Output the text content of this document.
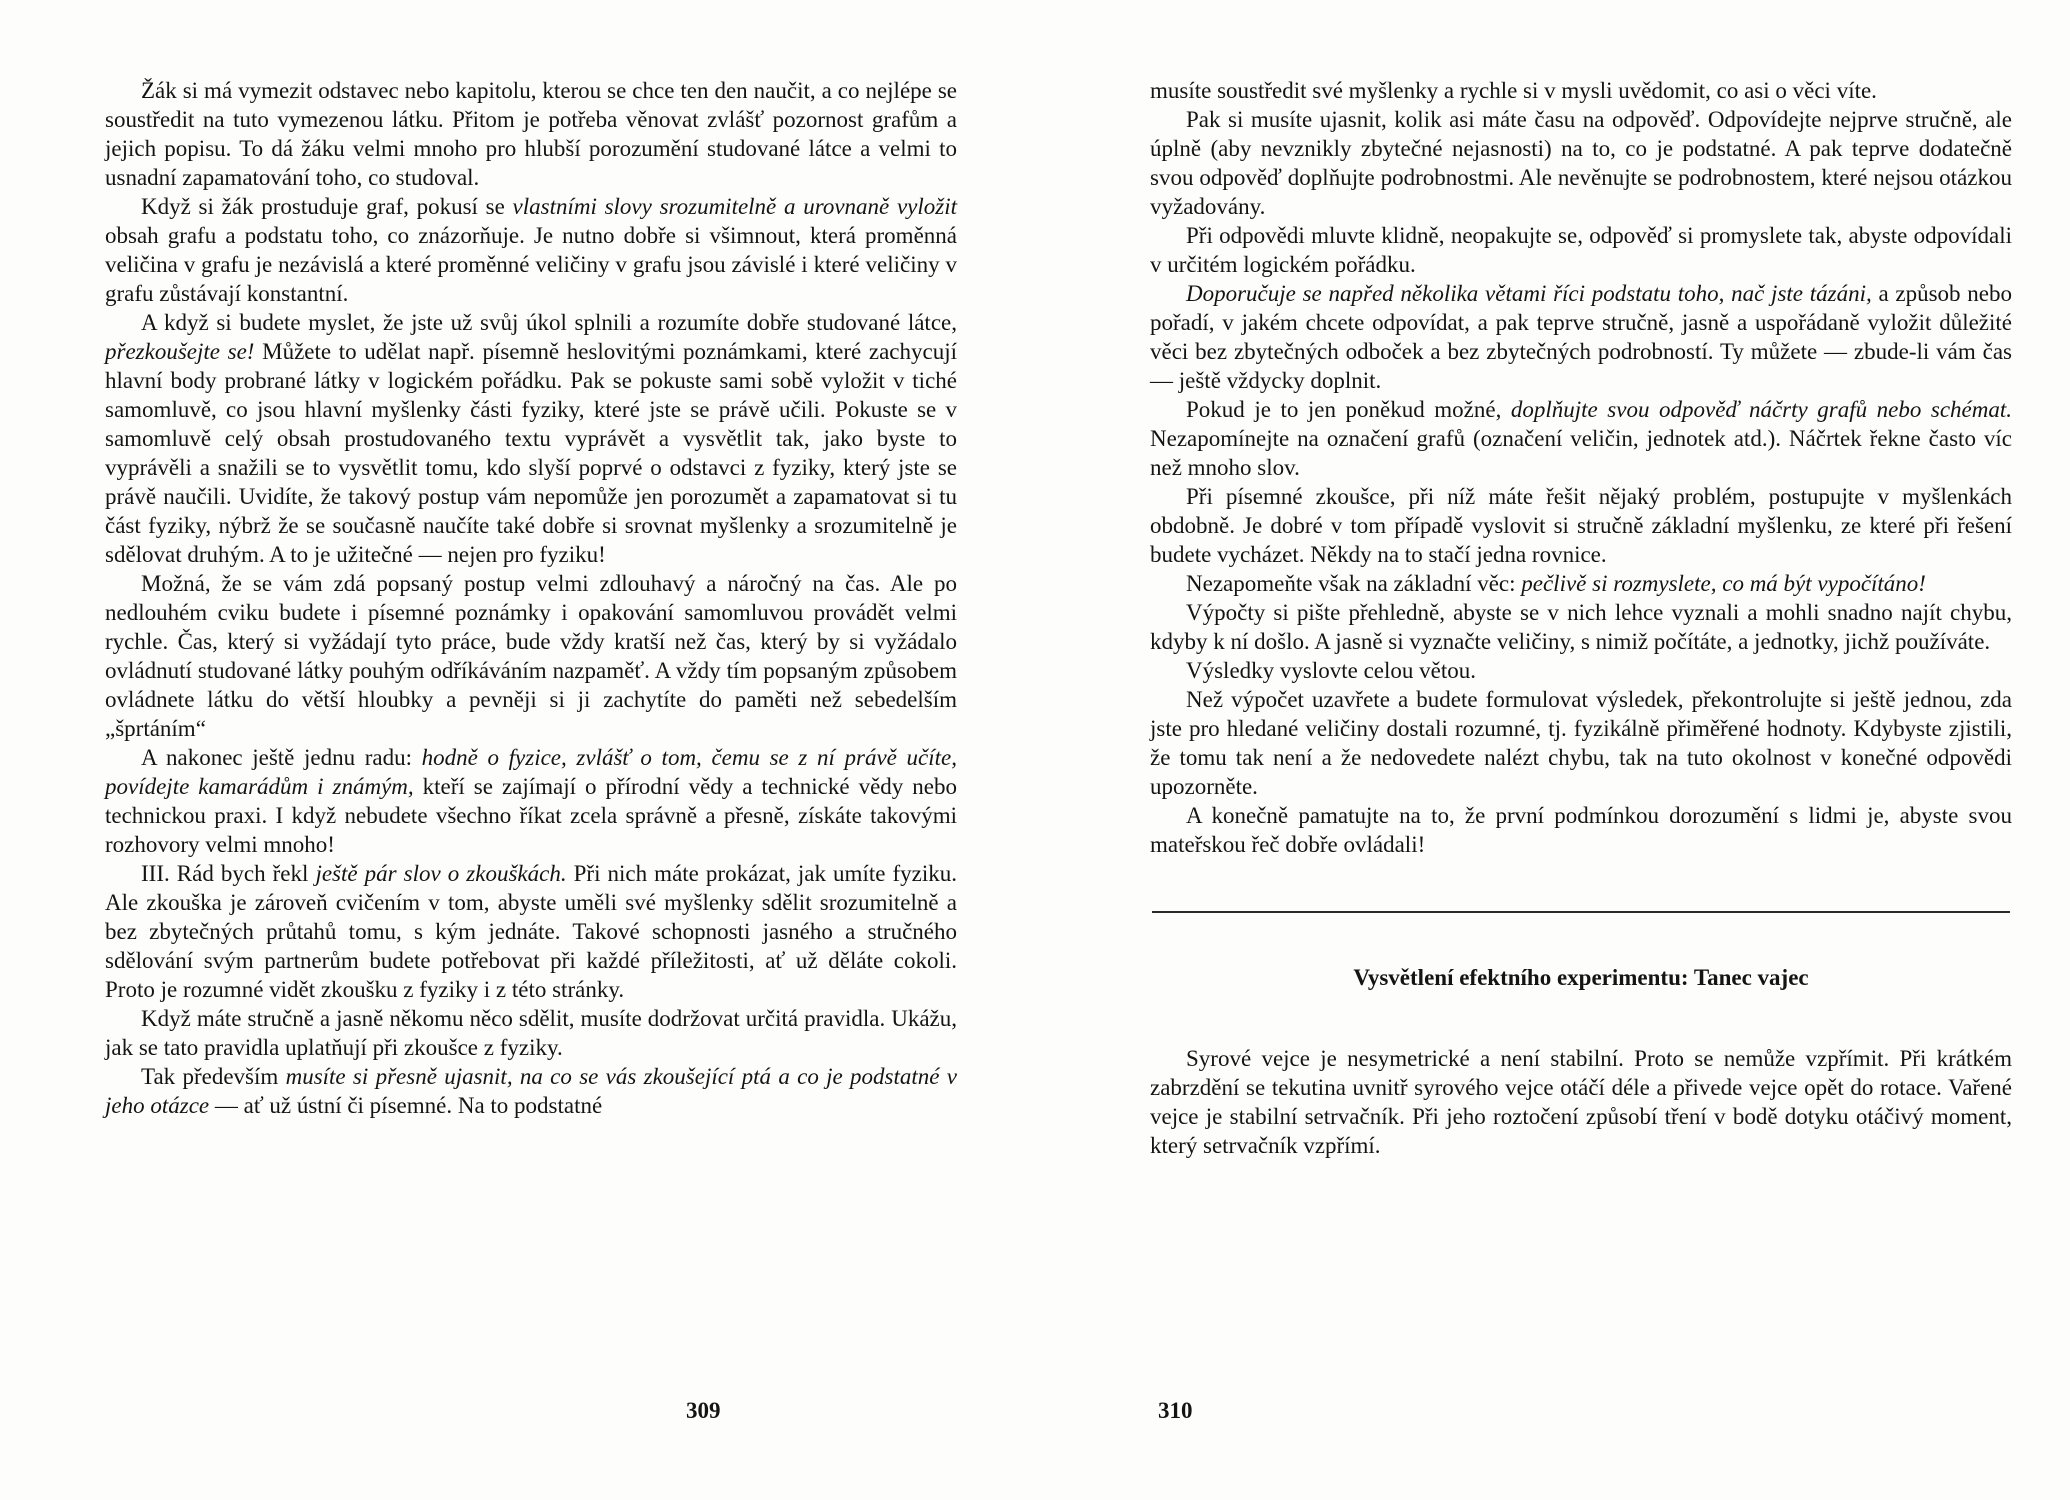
Žák si má vymezit odstavec nebo kapitolu, kterou se chce ten den naučit, a co nejlépe se soustředit na tuto vymezenou látku. Přitom je potřeba věnovat zvlášť pozornost grafům a jejich popisu. To dá žáku velmi mnoho pro hlubší porozumění studované látce a velmi to usnadní zapamatování toho, co studoval.

Když si žák prostuduje graf, pokusí se vlastními slovy srozumitelně a urovnaně vyložit obsah grafu a podstatu toho, co znázorňuje. Je nutno dobře si všimnout, která proměnná veličina v grafu je nezávislá a které proměnné veličiny v grafu jsou závislé i které veličiny v grafu zůstávají konstantní.

A když si budete myslet, že jste už svůj úkol splnili a rozumíte dobře studované látce, přezkoušejte se! Můžete to udělat např. písemně heslovitými poznámkami, které zachycují hlavní body probrané látky v logickém pořádku. Pak se pokuste sami sobě vyložit v tiché samomluvě, co jsou hlavní myšlenky části fyziky, které jste se právě učili. Pokuste se v samomluvě celý obsah prostudovaného textu vyprávět a vysvětlit tak, jako byste to vyprávěli a snažili se to vysvětlit tomu, kdo slyší poprvé o odstavci z fyziky, který jste se právě naučili. Uvidíte, že takový postup vám nepomůže jen porozumět a zapamatovat si tu část fyziky, nýbrž že se současně naučíte také dobře si srovnat myšlenky a srozumitelně je sdělovat druhým. A to je užitečné — nejen pro fyziku!

Možná, že se vám zdá popsaný postup velmi zdlouhavý a náročný na čas. Ale po nedlouhém cviku budete i písemné poznámky i opakování samomluvou provádět velmi rychle. Čas, který si vyžádají tyto práce, bude vždy kratší než čas, který by si vyžádalo ovládnutí studované látky pouhým odříkáváním nazpaměť. A vždy tím popsaným způsobem ovládnete látku do větší hloubky a pevněji si ji zachytíte do paměti než sebedelším „šprtáním“

A nakonec ještě jednu radu: hodně o fyzice, zvlášť o tom, čemu se z ní právě učíte, povídejte kamarádům i známým, kteří se zajímají o přírodní vědy a technické vědy nebo technickou praxi. I když nebudete všechno říkat zcela správně a přesně, získáte takovými rozhovory velmi mnoho!

III. Rád bych řekl ještě pár slov o zkouškách. Při nich máte prokázat, jak umíte fyziku. Ale zkouška je zároveň cvičením v tom, abyste uměli své myšlenky sdělit srozumitelně a bez zbytečných průtahů tomu, s kým jednáte. Takové schopnosti jasného a stručného sdělování svým partnerům budete potřebovat při každé příležitosti, ať už děláte cokoli. Proto je rozumné vidět zkoušku z fyziky i z této stránky.

Když máte stručně a jasně někomu něco sdělit, musíte dodržovat určitá pravidla. Ukážu, jak se tato pravidla uplatňují při zkoušce z fyziky.

Tak především musíte si přesně ujasnit, na co se vás zkoušející ptá a co je podstatné v jeho otázce — ať už ústní či písemné. Na to podstatné

musíte soustředit své myšlenky a rychle si v mysli uvědomit, co asi o věci víte.

Pak si musíte ujasnit, kolik asi máte času na odpověď. Odpovídejte nejprve stručně, ale úplně (aby nevznikly zbytečné nejasnosti) na to, co je podstatné. A pak teprve dodatečně svou odpověď doplňujte podrobnostmi. Ale nevěnujte se podrobnostem, které nejsou otázkou vyžadovány.

Při odpovědi mluvte klidně, neopakujte se, odpověď si promyslete tak, abyste odpovídali v určitém logickém pořádku.

Doporučuje se napřed několika větami říci podstatu toho, nač jste tázáni, a způsob nebo pořadí, v jakém chcete odpovídat, a pak teprve stručně, jasně a uspořádaně vyložit důležité věci bez zbytečných odboček a bez zbytečných podrobností. Ty můžete — zbude-li vám čas — ještě vždycky doplnit.

Pokud je to jen poněkud možné, doplňujte svou odpověď náčrty grafů nebo schémat. Nezapomínejte na označení grafů (označení veličin, jednotek atd.). Náčrtek řekne často víc než mnoho slov.

Při písemné zkoušce, při níž máte řešit nějaký problém, postupujte v myšlenkách obdobně. Je dobré v tom případě vyslovit si stručně základní myšlenku, ze které při řešení budete vycházet. Někdy na to stačí jedna rovnice.

Nezapomeňte však na základní věc: pečlivě si rozmyslete, co má být vypočítáno!

Výpočty si pište přehledně, abyste se v nich lehce vyznali a mohli snadno najít chybu, kdyby k ní došlo. A jasně si vyznačte veličiny, s nimiž počítáte, a jednotky, jichž používáte.

Výsledky vyslovte celou větou.

Než výpočet uzavřete a budete formulovat výsledek, překontrolujte si ještě jednou, zda jste pro hledané veličiny dostali rozumné, tj. fyzikálně přiměřené hodnoty. Kdybyste zjistili, že tomu tak není a že nedovedete nalézt chybu, tak na tuto okolnost v konečné odpovědi upozorněte.

A konečně pamatujte na to, že první podmínkou dorozumění s lidmi je, abyste svou mateřskou řeč dobře ovládali!

Vysvětlení efektního experimentu: Tanec vajec

Syrové vejce je nesymetrické a není stabilní. Proto se nemůže vzpřímit. Při krátkém zabrzdění se tekutina uvnitř syrového vejce otáčí déle a přivede vejce opět do rotace. Vařené vejce je stabilní setrvačník. Při jeho roztočení způsobí tření v bodě dotyku otáčivý moment, který setrvačník vzpřímí.

309	310
